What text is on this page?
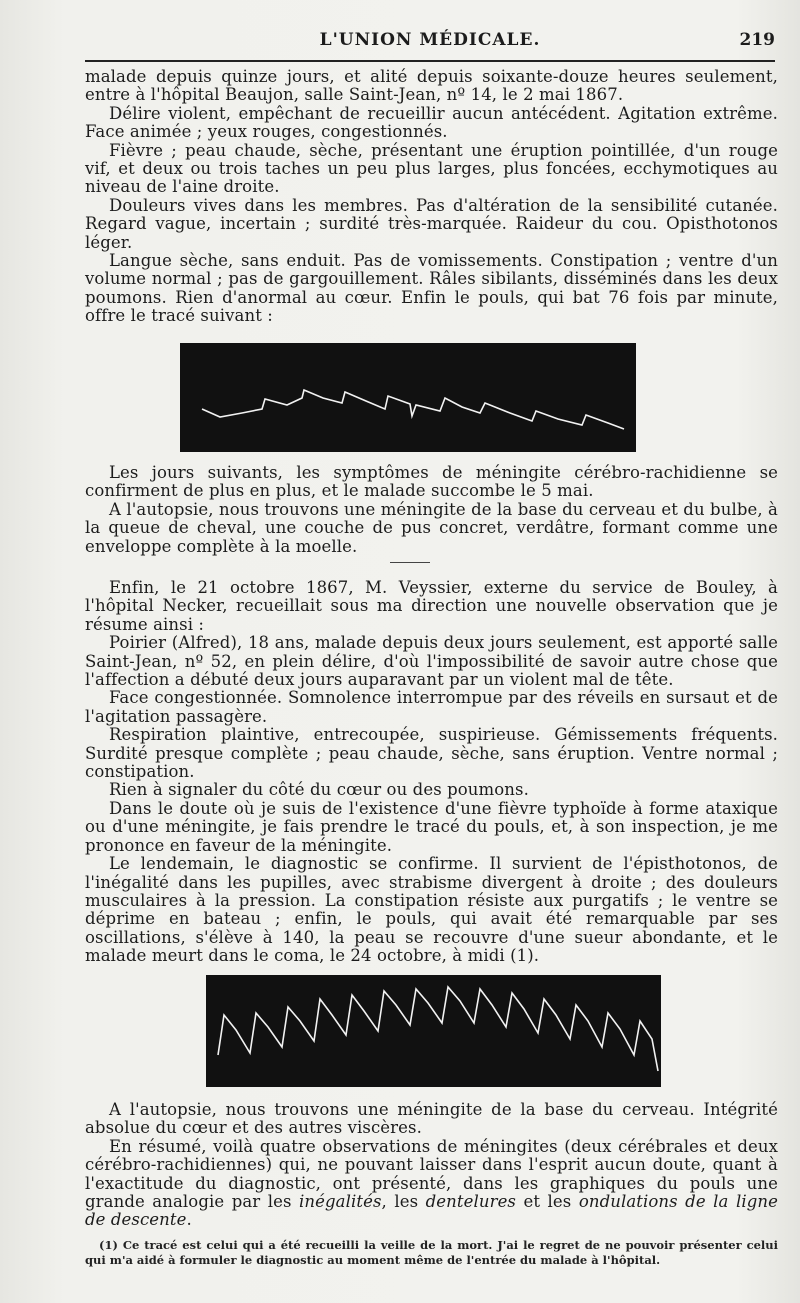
L'UNION MÉDICALE.	219

malade depuis quinze jours, et alité depuis soixante-douze heures seulement, entre à l'hôpital Beaujon, salle Saint-Jean, nº 14, le 2 mai 1867.

Délire violent, empêchant de recueillir aucun antécédent. Agitation extrême. Face animée ; yeux rouges, congestionnés.

Fièvre ; peau chaude, sèche, présentant une éruption pointillée, d'un rouge vif, et deux ou trois taches un peu plus larges, plus foncées, ecchymotiques au niveau de l'aine droite.

Douleurs vives dans les membres. Pas d'altération de la sensibilité cutanée. Regard vague, incertain ; surdité très-marquée. Raideur du cou. Opisthotonos léger.

Langue sèche, sans enduit. Pas de vomissements. Constipation ; ventre d'un volume normal ; pas de gargouillement. Râles sibilants, disséminés dans les deux poumons. Rien d'anormal au cœur. Enfin le pouls, qui bat 76 fois par minute, offre le tracé suivant :

Les jours suivants, les symptômes de méningite cérébro-rachidienne se confirment de plus en plus, et le malade succombe le 5 mai.

A l'autopsie, nous trouvons une méningite de la base du cerveau et du bulbe, à la queue de cheval, une couche de pus concret, verdâtre, formant comme une enveloppe complète à la moelle.

Enfin, le 21 octobre 1867, M. Veyssier, externe du service de Bouley, à l'hôpital Necker, recueillait sous ma direction une nouvelle observation que je résume ainsi :

Poirier (Alfred), 18 ans, malade depuis deux jours seulement, est apporté salle Saint-Jean, nº 52, en plein délire, d'où l'impossibilité de savoir autre chose que l'affection a débuté deux jours auparavant par un violent mal de tête.

Face congestionnée. Somnolence interrompue par des réveils en sursaut et de l'agitation passagère.

Respiration plaintive, entrecoupée, suspirieuse. Gémissements fréquents. Surdité presque complète ; peau chaude, sèche, sans éruption. Ventre normal ; constipation.

Rien à signaler du côté du cœur ou des poumons.

Dans le doute où je suis de l'existence d'une fièvre typhoïde à forme ataxique ou d'une méningite, je fais prendre le tracé du pouls, et, à son inspection, je me prononce en faveur de la méningite.

Le lendemain, le diagnostic se confirme. Il survient de l'épisthotonos, de l'inégalité dans les pupilles, avec strabisme divergent à droite ; des douleurs musculaires à la pression. La constipation résiste aux purgatifs ; le ventre se déprime en bateau ; enfin, le pouls, qui avait été remarquable par ses oscillations, s'élève à 140, la peau se recouvre d'une sueur abondante, et le malade meurt dans le coma, le 24 octobre, à midi (1).

A l'autopsie, nous trouvons une méningite de la base du cerveau. Intégrité absolue du cœur et des autres viscères.

En résumé, voilà quatre observations de méningites (deux cérébrales et deux cérébro-rachidiennes) qui, ne pouvant laisser dans l'esprit aucun doute, quant à l'exactitude du diagnostic, ont présenté, dans les graphiques du pouls une grande analogie par les inégalités, les dentelures et les ondulations de la ligne de descente.

(1) Ce tracé est celui qui a été recueilli la veille de la mort. J'ai le regret de ne pouvoir présenter celui qui m'a aidé à formuler le diagnostic au moment même de l'entrée du malade à l'hôpital.
